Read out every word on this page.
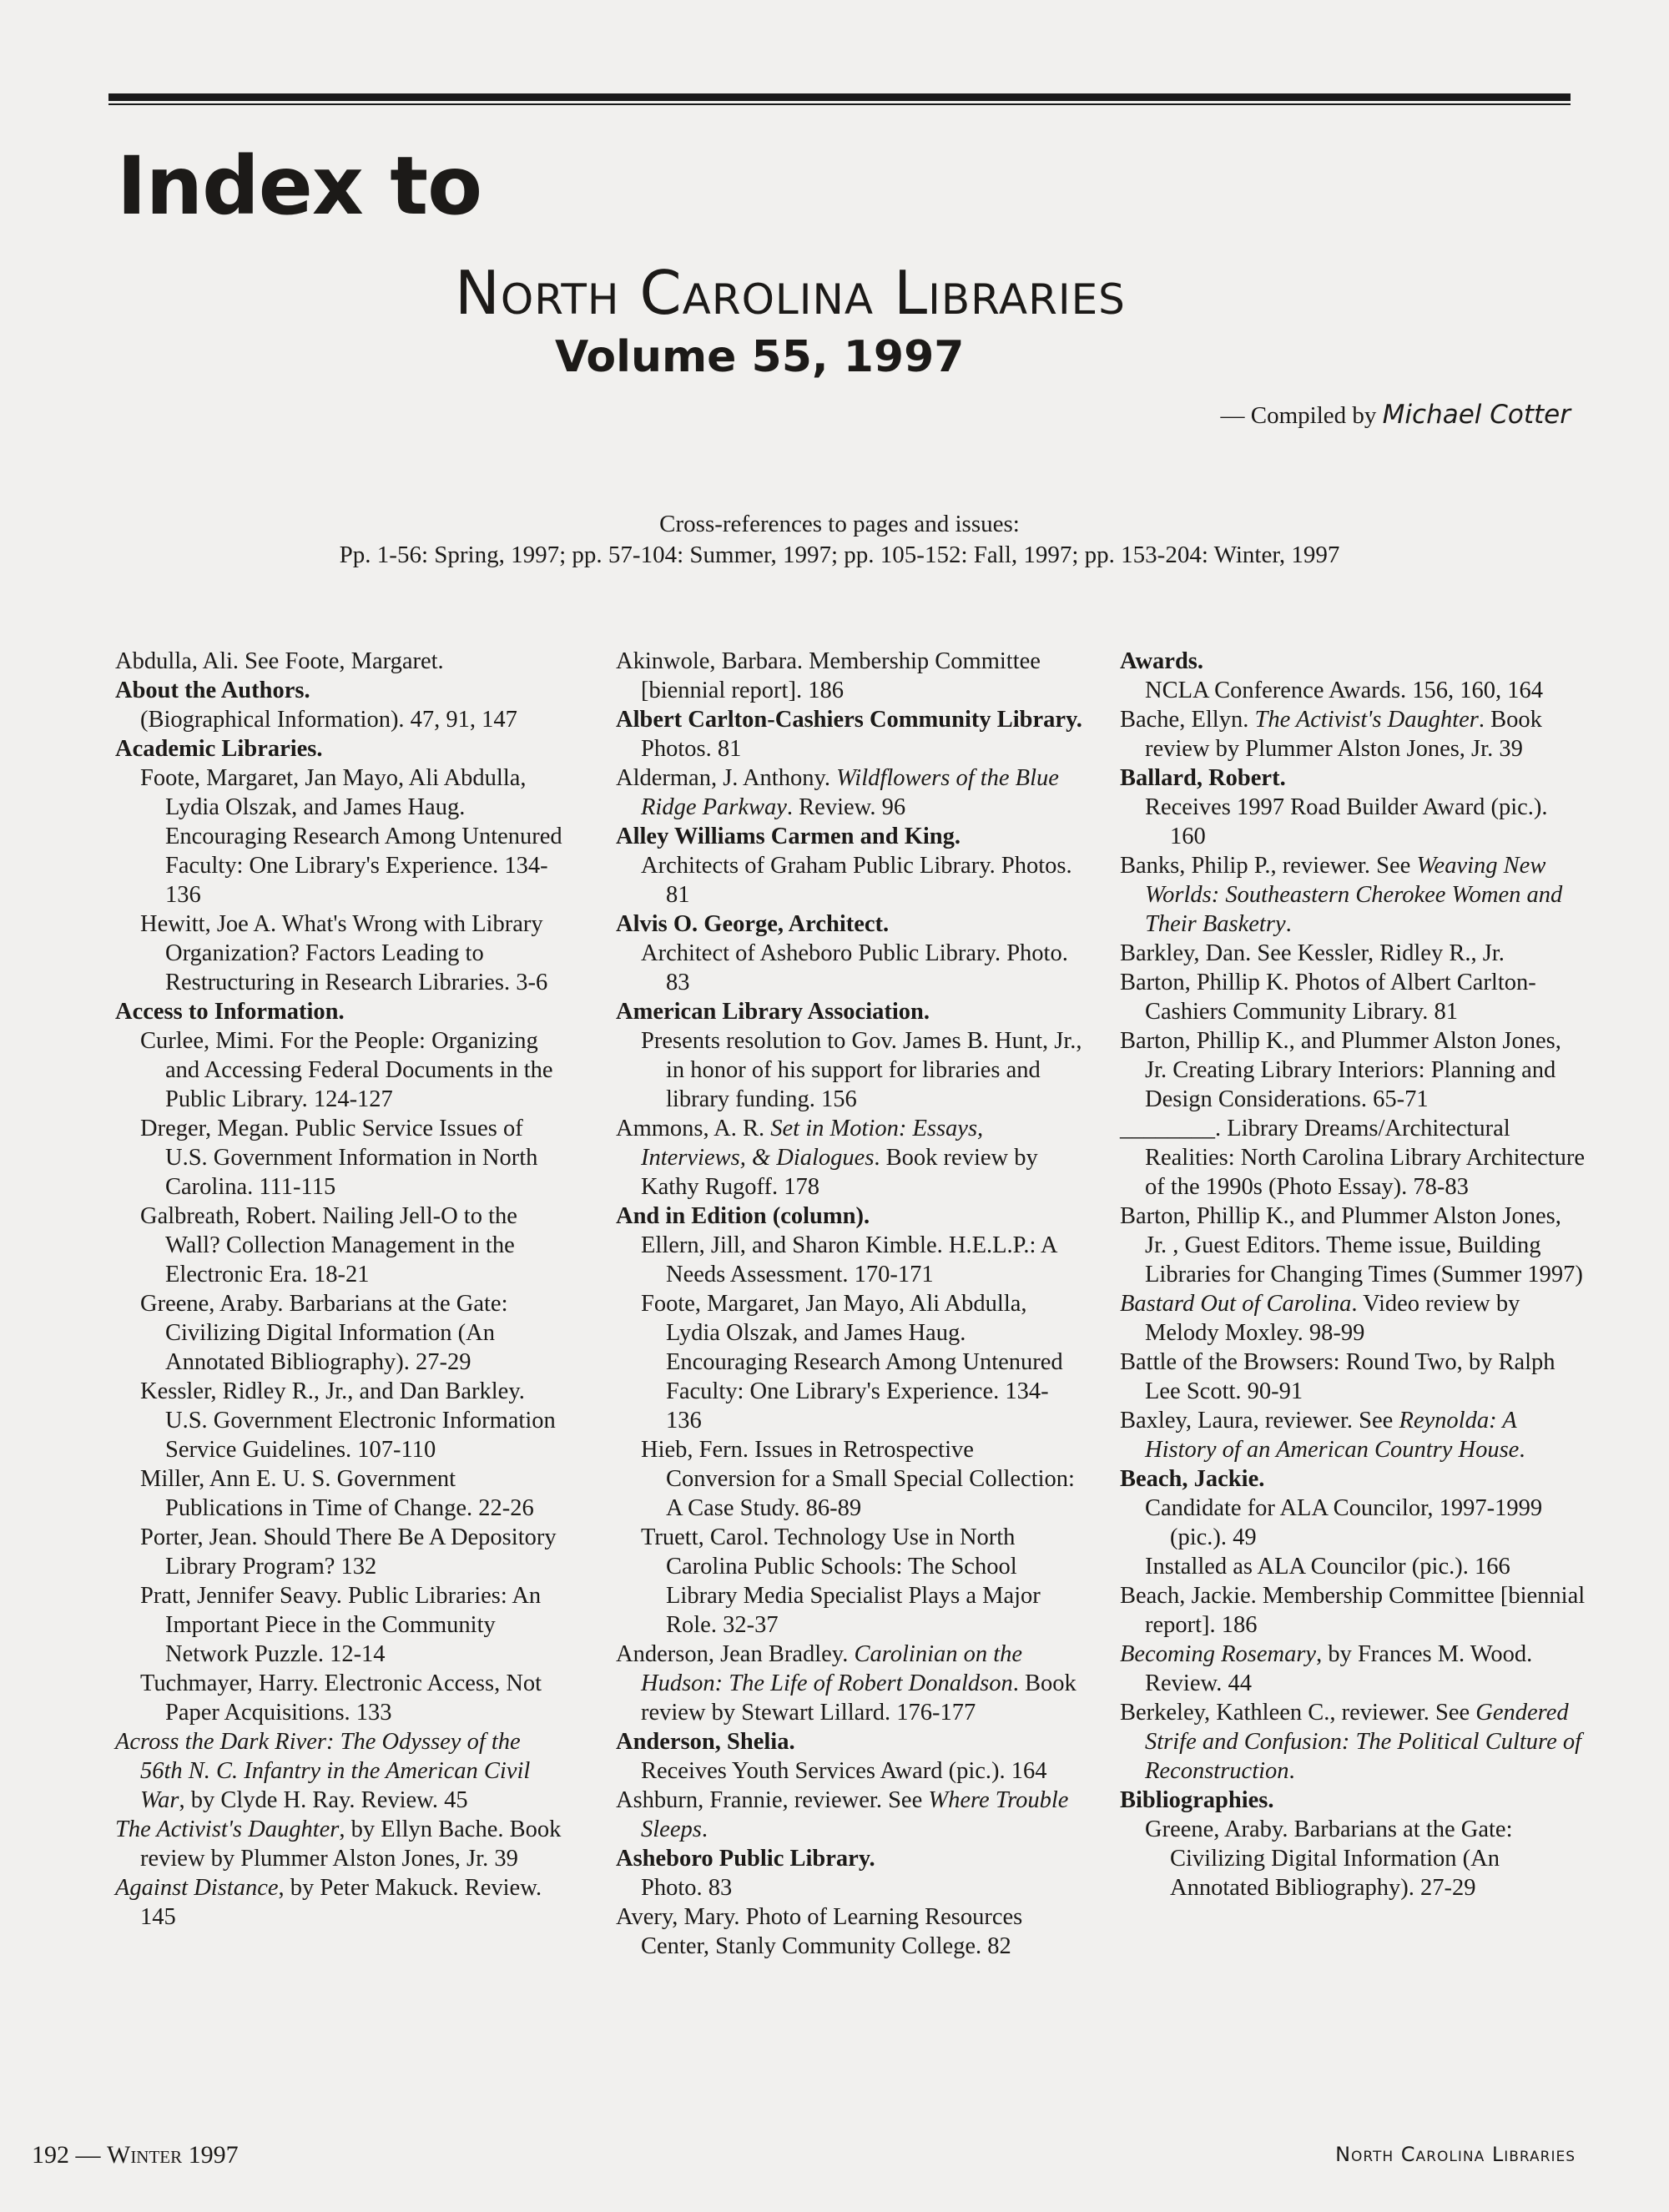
Index to
North Carolina Libraries
Volume 55, 1997
— Compiled by Michael Cotter
Cross-references to pages and issues:
Pp. 1-56: Spring, 1997; pp. 57-104: Summer, 1997; pp. 105-152: Fall, 1997; pp. 153-204: Winter, 1997
Abdulla, Ali. See Foote, Margaret.
About the Authors.
(Biographical Information). 47, 91, 147
Academic Libraries.
Foote, Margaret, Jan Mayo, Ali Abdulla, Lydia Olszak, and James Haug. Encouraging Research Among Untenured Faculty: One Library's Experience. 134-136
Hewitt, Joe A. What's Wrong with Library Organization? Factors Leading to Restructuring in Research Libraries. 3-6
Access to Information.
Curlee, Mimi. For the People: Organizing and Accessing Federal Documents in the Public Library. 124-127
Dreger, Megan. Public Service Issues of U.S. Government Information in North Carolina. 111-115
Galbreath, Robert. Nailing Jell-O to the Wall? Collection Management in the Electronic Era. 18-21
Greene, Araby. Barbarians at the Gate: Civilizing Digital Information (An Annotated Bibliography). 27-29
Kessler, Ridley R., Jr., and Dan Barkley. U.S. Government Electronic Information Service Guidelines. 107-110
Miller, Ann E. U. S. Government Publications in Time of Change. 22-26
Porter, Jean. Should There Be A Depository Library Program? 132
Pratt, Jennifer Seavy. Public Libraries: An Important Piece in the Community Network Puzzle. 12-14
Tuchmayer, Harry. Electronic Access, Not Paper Acquisitions. 133
Across the Dark River: The Odyssey of the 56th N. C. Infantry in the American Civil War, by Clyde H. Ray. Review. 45
The Activist's Daughter, by Ellyn Bache. Book review by Plummer Alston Jones, Jr. 39
Against Distance, by Peter Makuck. Review. 145
Akinwole, Barbara. Membership Committee [biennial report]. 186
Albert Carlton-Cashiers Community Library.
Photos. 81
Alderman, J. Anthony. Wildflowers of the Blue Ridge Parkway. Review. 96
Alley Williams Carmen and King.
Architects of Graham Public Library. Photos. 81
Alvis O. George, Architect.
Architect of Asheboro Public Library. Photo. 83
American Library Association.
Presents resolution to Gov. James B. Hunt, Jr., in honor of his support for libraries and library funding. 156
Ammons, A. R. Set in Motion: Essays, Interviews, & Dialogues. Book review by Kathy Rugoff. 178
And in Edition (column).
Ellern, Jill, and Sharon Kimble. H.E.L.P.: A Needs Assessment. 170-171
Foote, Margaret, Jan Mayo, Ali Abdulla, Lydia Olszak, and James Haug. Encouraging Research Among Untenured Faculty: One Library's Experience. 134-136
Hieb, Fern. Issues in Retrospective Conversion for a Small Special Collection: A Case Study. 86-89
Truett, Carol. Technology Use in North Carolina Public Schools: The School Library Media Specialist Plays a Major Role. 32-37
Anderson, Jean Bradley. Carolinian on the Hudson: The Life of Robert Donaldson. Book review by Stewart Lillard. 176-177
Anderson, Shelia.
Receives Youth Services Award (pic.). 164
Ashburn, Frannie, reviewer. See Where Trouble Sleeps.
Asheboro Public Library.
Photo. 83
Avery, Mary. Photo of Learning Resources Center, Stanly Community College. 82
Awards.
NCLA Conference Awards. 156, 160, 164
Bache, Ellyn. The Activist's Daughter. Book review by Plummer Alston Jones, Jr. 39
Ballard, Robert.
Receives 1997 Road Builder Award (pic.). 160
Banks, Philip P., reviewer. See Weaving New Worlds: Southeastern Cherokee Women and Their Basketry.
Barkley, Dan. See Kessler, Ridley R., Jr.
Barton, Phillip K. Photos of Albert Carlton-Cashiers Community Library. 81
Barton, Phillip K., and Plummer Alston Jones, Jr. Creating Library Interiors: Planning and Design Considerations. 65-71
________. Library Dreams/Architectural Realities: North Carolina Library Architecture of the 1990s (Photo Essay). 78-83
Barton, Phillip K., and Plummer Alston Jones, Jr. , Guest Editors. Theme issue, Building Libraries for Changing Times (Summer 1997)
Bastard Out of Carolina. Video review by Melody Moxley. 98-99
Battle of the Browsers: Round Two, by Ralph Lee Scott. 90-91
Baxley, Laura, reviewer. See Reynolda: A History of an American Country House.
Beach, Jackie.
Candidate for ALA Councilor, 1997-1999 (pic.). 49
Installed as ALA Councilor (pic.). 166
Beach, Jackie. Membership Committee [biennial report]. 186
Becoming Rosemary, by Frances M. Wood. Review. 44
Berkeley, Kathleen C., reviewer. See Gendered Strife and Confusion: The Political Culture of Reconstruction.
Bibliographies.
Greene, Araby. Barbarians at the Gate: Civilizing Digital Information (An Annotated Bibliography). 27-29
192 — Winter 1997	North Carolina Libraries
